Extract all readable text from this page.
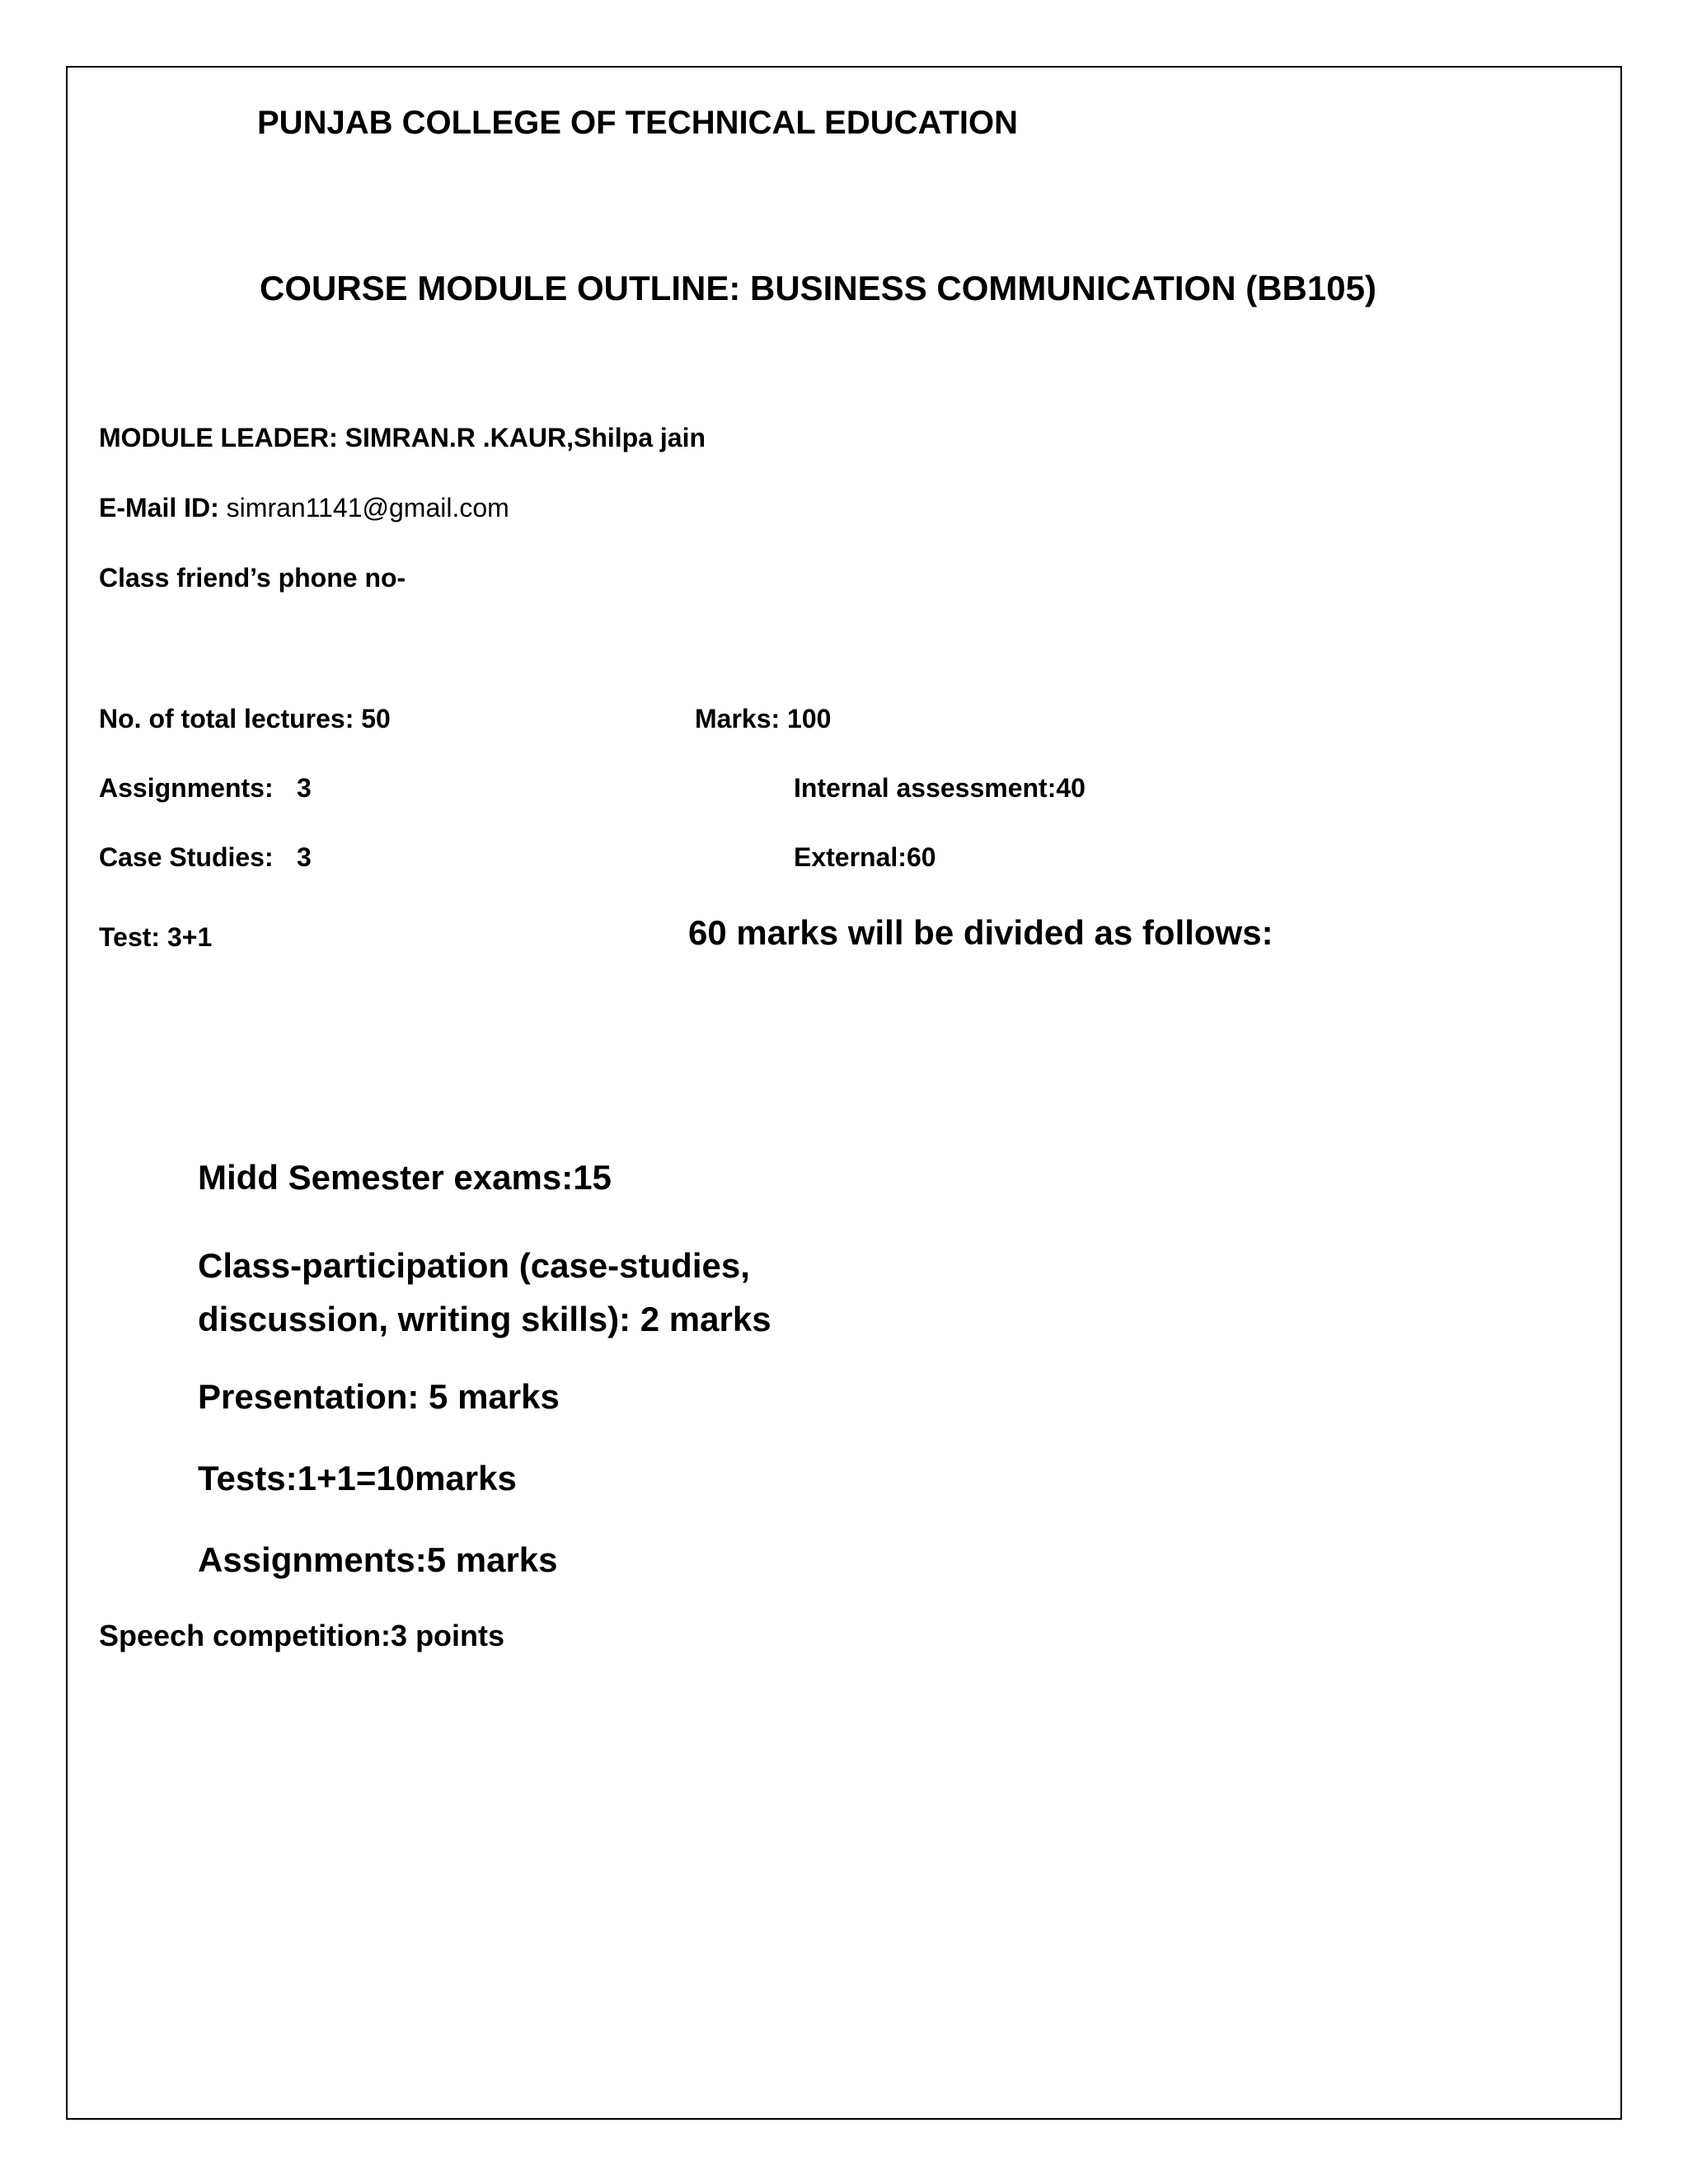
PUNJAB COLLEGE OF TECHNICAL EDUCATION
COURSE MODULE OUTLINE: BUSINESS COMMUNICATION (BB105)
MODULE LEADER: SIMRAN.R .KAUR,Shilpa jain
E-Mail ID: simran1141@gmail.com
Class friend’s phone no-
No. of total lectures: 50	Marks: 100
Assignments: 3	Internal assessment:40
Case Studies: 3	External:60
Test: 3+1	60 marks will be divided as follows:
Midd Semester exams:15
Class-participation (case-studies,
discussion, writing skills): 2 marks
Presentation: 5 marks
Tests:1+1=10marks
Assignments:5 marks
Speech competition:3 points
